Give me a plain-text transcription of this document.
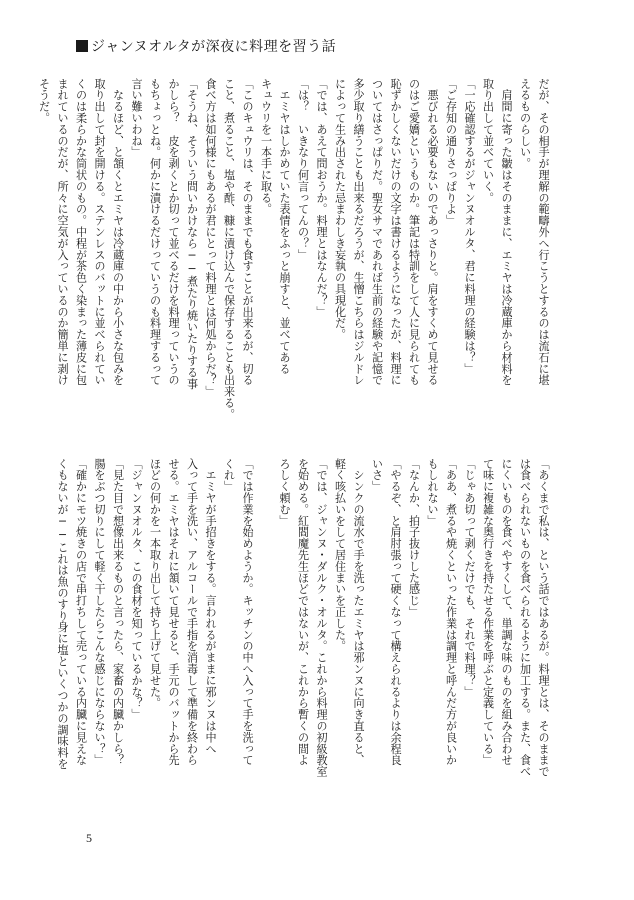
ジャンヌオルタが深夜に料理を習う話
だが、その相手が理解の範疇外へ行こうとするのは流石に堪
えるものらしい。
　肩間に寄った皺はそのままに、エミヤは冷蔵庫から材料を
取り出して並べていく。
「一応確認するがジャンヌオルタ、君に料理の経験は？」
「ご存知の通りさっぱりよ」
　悪びれる必要もないのであっさりと。肩をすくめて見せる
のはご愛嬌というものか。筆記は特訓をして人に見られても
恥ずかしくないだけの文字は書けるようになったが、料理に
ついてはさっぱりだ。聖女サマであれば生前の経験や記憶で
多少取り繕うことも出来るだろうが、生憎こちらはジルドレ
によって生み出された忌まわしき妄執の具現化だ。
「では、あえて問おうか。料理とはなんだ？」
「は？　いきなり何言ってんの？」
　エミヤはしかめていた表情をふっと崩すと、並べてある
キュウリを一本手に取る。
「このキュウリは、そのままでも食すことが出来るが、切る
こと、煮ること、塩や酢、糠に漬け込んで保存することも出来る。
食べ方は如何様にもあるが君にとって料理とは何処からだ？」
「そうね、そういう問いかけなら──煮たり焼いたりする事
かしら？　皮を剥くとか切って並べるだけを料理っていうの
もちょっとね。何かに漬けるだけっていうのも料理するって
言い難いわね」
　なるほど、と頷くとエミヤは冷蔵庫の中から小さな包みを
取り出して封を開ける。ステンレスのバットに並べられてい
くのは柔らかな筒状のもの。中程が茶色く染まった薄皮に包
まれているのだが、所々に空気が入っているのか簡単に剥け
そうだ。
「あくまで私は、という話ではあるが。料理とは、そのままで
は食べられないものを食べられるように加工する。また、食べ
にくいものを食べやすくして、単調な味のものを組み合わせ
て味に複雑な奥行きを持たせる作業を呼ぶと定義している」
「じゃあ切って剥くだけでも、それで料理？」
「ああ、煮るや焼くといった作業は調理と呼んだ方が良いか
もしれない」
「なんか、拍子抜けした感じ」
「やるぞ、と肩肘張って硬くなって構えられるよりは余程良
いさ」
　シンクの流水で手を洗ったエミヤは邪ンヌに向き直ると、
軽く咳払いをして居住まいを正した。
「では、ジャンヌ・ダルク・オルタ。これから料理の初級教室
を始める。紅閻魔先生ほどではないが、これから暫くの間よ
ろしく頼む」

「では作業を始めようか。キッチンの中へ入って手を洗って
くれ」
　エミヤが手招きをする。言われるがままに邪ンヌは中へ
入って手を洗い、アルコールで手指を消毒して準備を終わら
せる。エミヤはそれに頷いて見せると、手元のバットから先
ほどの何かを一本取り出して持ち上げて見せた。
「ジャンヌオルタ、この食材を知っているかな？」
「見た目で想像出来るものと言ったら、家畜の内臓かしら？
腸をぶつ切りにして軽く干したらこんな感じにならない？」
「確かにモツ焼きの店で串打ちして売っている内臓に見えな
くもないが──これは魚のすり身に塩といくつかの調味料を
5
